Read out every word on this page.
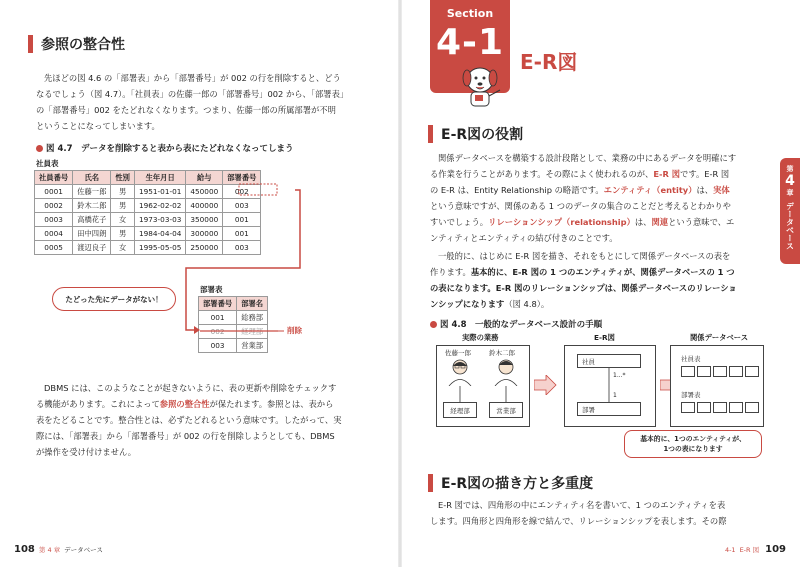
参照の整合性

先ほどの図 4.6 の「部署表」から「部署番号」が 002 の行を削除すると、どう

なるでしょう（図 4.7）。「社員表」の佐藤一郎の「部署番号」002 から、「部署表」

の「部署番号」002 をたどれなくなります。つまり、佐藤一郎の所属部署が不明

ということになってしまいます。

図 4.7　データを削除すると表から表にたどれなくなってしまう
社員表
社員番号	氏名	性別	生年月日	給与	部署番号
0001	佐藤一郎	男	1951-01-01	450000	002
0002	鈴木二郎	男	1962-02-02	400000	003
0003	高橋花子	女	1973-03-03	350000	001
0004	田中四朗	男	1984-04-04	300000	001
0005	渡辺良子	女	1995-05-05	250000	003
部署表
部署番号	部署名
001	総務部
002	経理部
003	営業部
削除
たどった先にデータがない！

DBMS には、このようなことが起きないように、表の更新や削除をチェックす

る機能があります。これによって参照の整合性が保たれます。参照とは、表から

表をたどることです。整合性とは、必ずたどれるという意味です。したがって、実

際には、「部署表」から「部署番号」が 002 の行を削除しようとしても、DBMS

が操作を受け付けません。

108 第 4 章 データベース
Section
4-1 E-R図
E-R図の役割

関係データベースを構築する設計段階として、業務の中にあるデータを明確にす

る作業を行うことがあります。その際によく使われるのが、E-R 図です。E-R 図

の E-R は、Entity Relationship の略語です。エンティティ（entity）は、実体

という意味ですが、関係のある 1 つのデータの集合のことだと考えるとわかりや

すいでしょう。リレーションシップ（relationship）は、関連という意味で、エ

ンティティとエンティティの結び付きのことです。

一般的に、はじめに E-R 図を描き、それをもとにして関係データベースの表を

作ります。基本的に、E-R 図の 1 つのエンティティが、関係データベースの 1 つ

の表になります。E-R 図のリレーションシップは、関係データベースのリレーショ

ンシップになります（図 4.8）。

図 4.8　一般的なデータベース設計の手順
実際の業務
佐藤一郎	鈴木二郎
経理部	営業部
E-R図
社員
部署
1...*
1
関係データベース
社員表
部署表
基本的に、1つのエンティティが、
1つの表になります
E-R図の描き方と多重度

E-R 図では、四角形の中にエンティティ名を書いて、1 つのエンティティを表

します。四角形と四角形を線で結んで、リレーションシップを表します。その際

第
4
章
データベース
4-1 E-R 図 109
